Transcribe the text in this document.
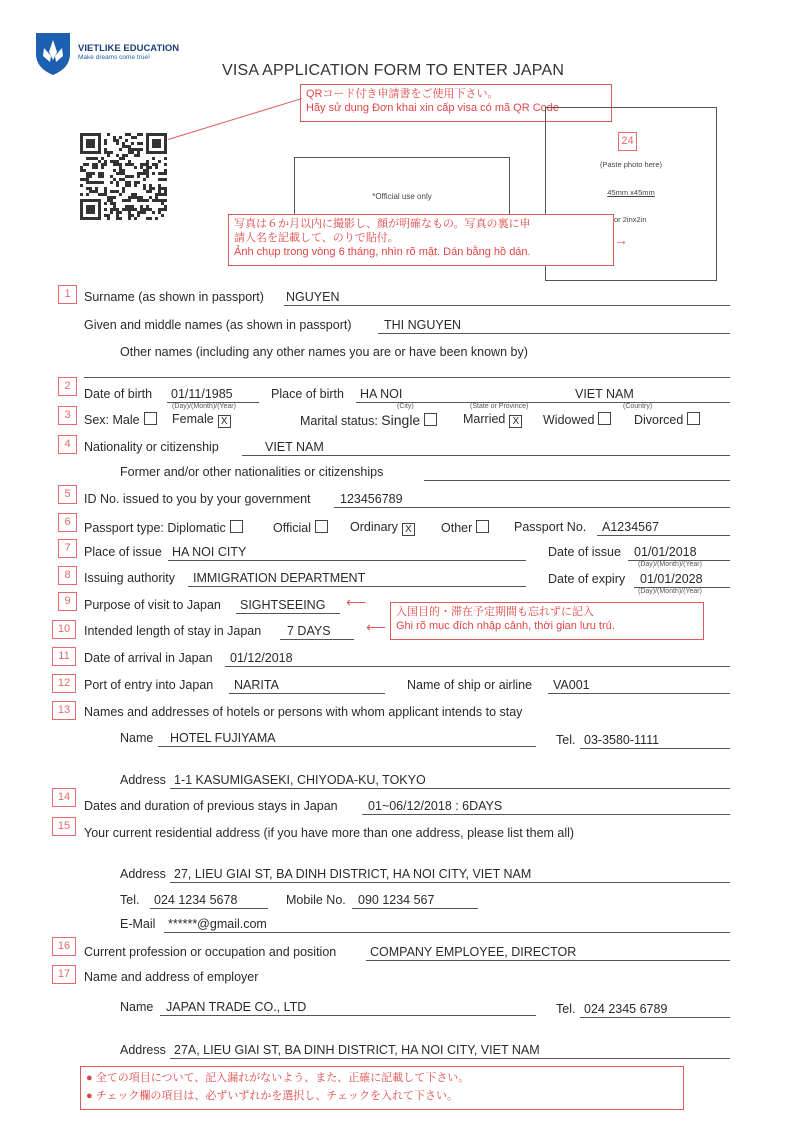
VIETLIKE EDUCATION
Make dreams come true!
VISA APPLICATION FORM TO ENTER JAPAN
QRコード付き申請書をご使用下さい。
Hãy sử dụng Đơn khai xin cấp visa có mã QR Code
*Official use only
24
(Paste photo here)
45mm x45mm
or 2inx2in
写真は６か月以内に撮影し、顔が明確なもの。写真の裏に申
請人名を記載して、のりで貼付。
Ảnh chụp trong vòng 6 tháng, nhìn rõ mặt. Dán bằng hồ dán.
→
1	Surname (as shown in passport) NGUYEN
Given and middle names (as shown in passport)	THI NGUYEN
Other names (including any other names you are or have been known by)
2
Date of birth 01/11/1985
(Day)/(Month)/(Year)
Place of birth HA NOI	VIET NAM
(City)	(State or Province)	(Country)
3	Sex: Male	Female X	Marital status: Single	Married X Widowed	Divorced
4	Nationality or citizenship	VIET NAM
Former and/or other nationalities or citizenships
5	ID No. issued to you by your government 123456789
6	Passport type: Diplomatic	Official	Ordinary X Other	Passport No. A1234567
7	Place of issue HA NOI CITY	Date of issue 01/01/2018
(Day)/(Month)/(Year)
8	Issuing authority IMMIGRATION DEPARTMENT	Date of expiry 01/01/2028
(Day)/(Month)/(Year)
9	Purpose of visit to Japan SIGHTSEEING
10	Intended length of stay in Japan 7 DAYS
⟵
⟵
入国目的・滞在予定期間も忘れずに記入
Ghi rõ mục đích nhập cảnh, thời gian lưu trú.
11	Date of arrival in Japan 01/12/2018
12	Port of entry into Japan NARITA	Name of ship or airline VA001
13	Names and addresses of hotels or persons with whom applicant intends to stay
Name HOTEL FUJIYAMA	Tel. 03-3580-1111
Address 1-1 KASUMIGASEKI, CHIYODA-KU, TOKYO
14
Dates and duration of previous stays in Japan 01~06/12/2018 : 6DAYS
15	Your current residential address (if you have more than one address, please list them all)
Address 27, LIEU GIAI ST, BA DINH DISTRICT, HA NOI CITY, VIET NAM
Tel. 024 1234 5678	Mobile No. 090 1234 567
E-Mail ******@gmail.com
16	Current profession or occupation and position	COMPANY EMPLOYEE, DIRECTOR
17	Name and address of employer
Name JAPAN TRADE CO., LTD	Tel. 024 2345 6789
Address 27A, LIEU GIAI ST, BA DINH DISTRICT, HA NOI CITY, VIET NAM
● 全ての項目について、記入漏れがないよう、また、正確に記載して下さい。
● チェック欄の項目は、必ずいずれかを選択し、チェックを入れて下さい。
